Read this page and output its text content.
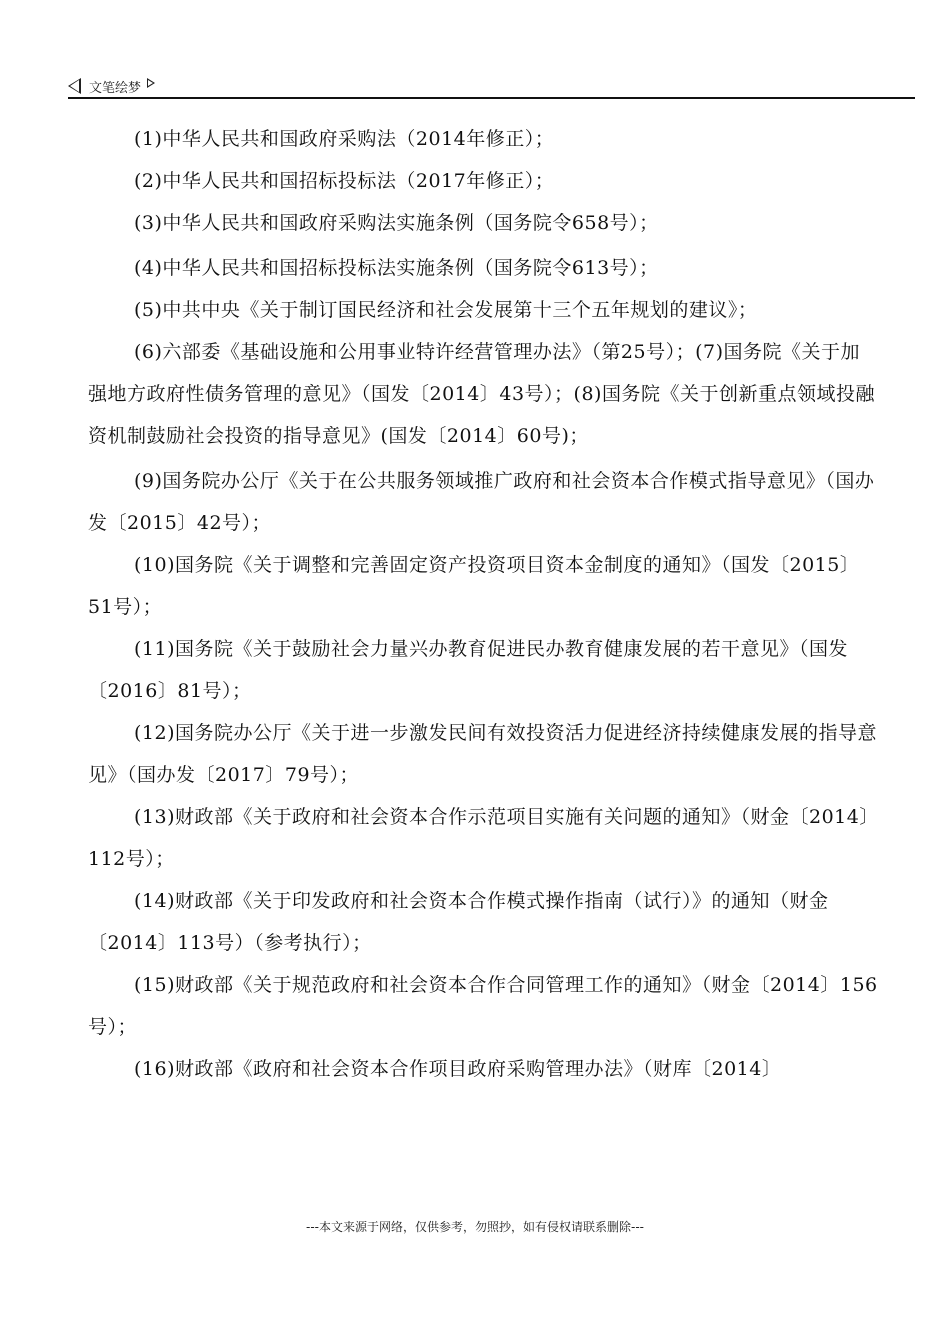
文笔绘梦

(1)中华人民共和国政府采购法（2014年修正）；

(2)中华人民共和国招标投标法（2017年修正）；

(3)中华人民共和国政府采购法实施条例（国务院令658号）；

(4)中华人民共和国招标投标法实施条例（国务院令613号）；

(5)中共中央《关于制订国民经济和社会发展第十三个五年规划的建议》；

(6)六部委《基础设施和公用事业特许经营管理办法》（第25号）；(7)国务院《关于加强地方政府性债务管理的意见》（国发〔2014〕43号）；(8)国务院《关于创新重点领域投融资机制鼓励社会投资的指导意见》(国发〔2014〕60号)；

(9)国务院办公厅《关于在公共服务领域推广政府和社会资本合作模式指导意见》（国办发〔2015〕42号）；

(10)国务院《关于调整和完善固定资产投资项目资本金制度的通知》（国发〔2015〕51号）；

(11)国务院《关于鼓励社会力量兴办教育促进民办教育健康发展的若干意见》（国发〔2016〕81号）；

(12)国务院办公厅《关于进一步激发民间有效投资活力促进经济持续健康发展的指导意见》（国办发〔2017〕79号）；

(13)财政部《关于政府和社会资本合作示范项目实施有关问题的通知》（财金〔2014〕112号）；

(14)财政部《关于印发政府和社会资本合作模式操作指南（试行）》的通知（财金〔2014〕113号）（参考执行）；

(15)财政部《关于规范政府和社会资本合作合同管理工作的通知》（财金〔2014〕156号）；

(16)财政部《政府和社会资本合作项目政府采购管理办法》（财库〔2014〕

---本文来源于网络，仅供参考，勿照抄，如有侵权请联系删除---
